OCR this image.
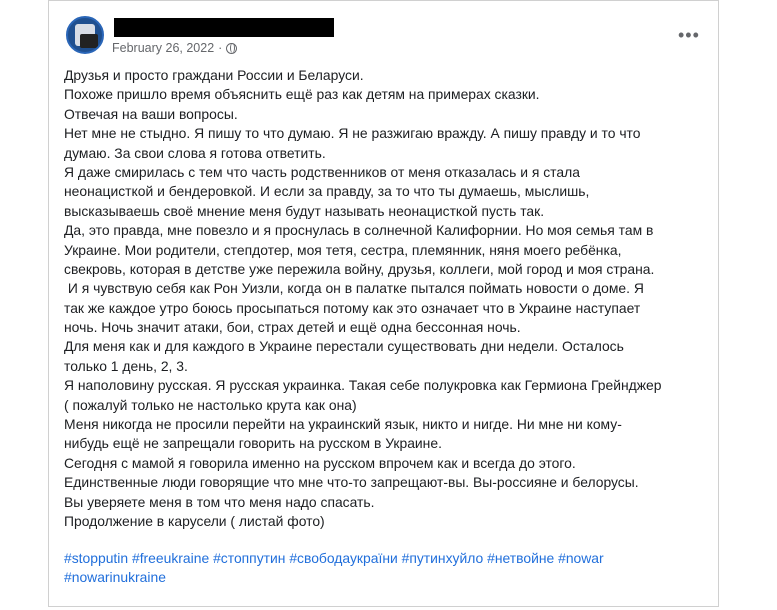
February 26, 2022 ·
•••
Друзья и просто граждани России и Беларуси.
Похоже пришло время объяснить ещё раз как детям на примерах сказки.
Отвечая на ваши вопросы.
Нет мне не стыдно. Я пишу то что думаю. Я не разжигаю вражду. А пишу правду и то что
думаю. За свои слова я готова ответить.
Я даже смирилась с тем что часть родственников от меня отказалась и я стала
неонацисткой и бендеровкой. И если за правду, за то что ты думаешь, мыслишь,
высказываешь своё мнение меня будут называть неонацисткой пусть так.
Да, это правда, мне повезло и я проснулась в солнечной Калифорнии. Но моя семья там в
Украине. Мои родители, степдотер, моя тетя, сестра, племянник, няня моего ребёнка,
свекровь, которая в детстве уже пережила войну, друзья, коллеги, мой город и моя страна.
И я чувствую себя как Рон Уизли, когда он в палатке пытался поймать новости о доме. Я
так же каждое утро боюсь просыпаться потому как это означает что в Украине наступает
ночь. Ночь значит атаки, бои, страх детей и ещё одна бессонная ночь.
Для меня как и для каждого в Украине перестали существовать дни недели. Осталось
только 1 день, 2, 3.
Я наполовину русская. Я русская украинка. Такая себе полукровка как Гермиона Грейнджер
( пожалуй только не настолько крута как она)
Меня никогда не просили перейти на украинский язык, никто и нигде. Ни мне ни кому-
нибудь ещё не запрещали говорить на русском в Украине.
Сегодня с мамой я говорила именно на русском впрочем как и всегда до этого.
Единственные люди говорящие что мне что-то запрещают-вы. Вы-россияне и белорусы.
Вы уверяете меня в том что меня надо спасать.
Продолжение в карусели ( листай фото)
#stopputin #freeukraine #стоппутин #свободаукраїни #путинхуйло #нетвойне #nowar
#nowarinukraine
